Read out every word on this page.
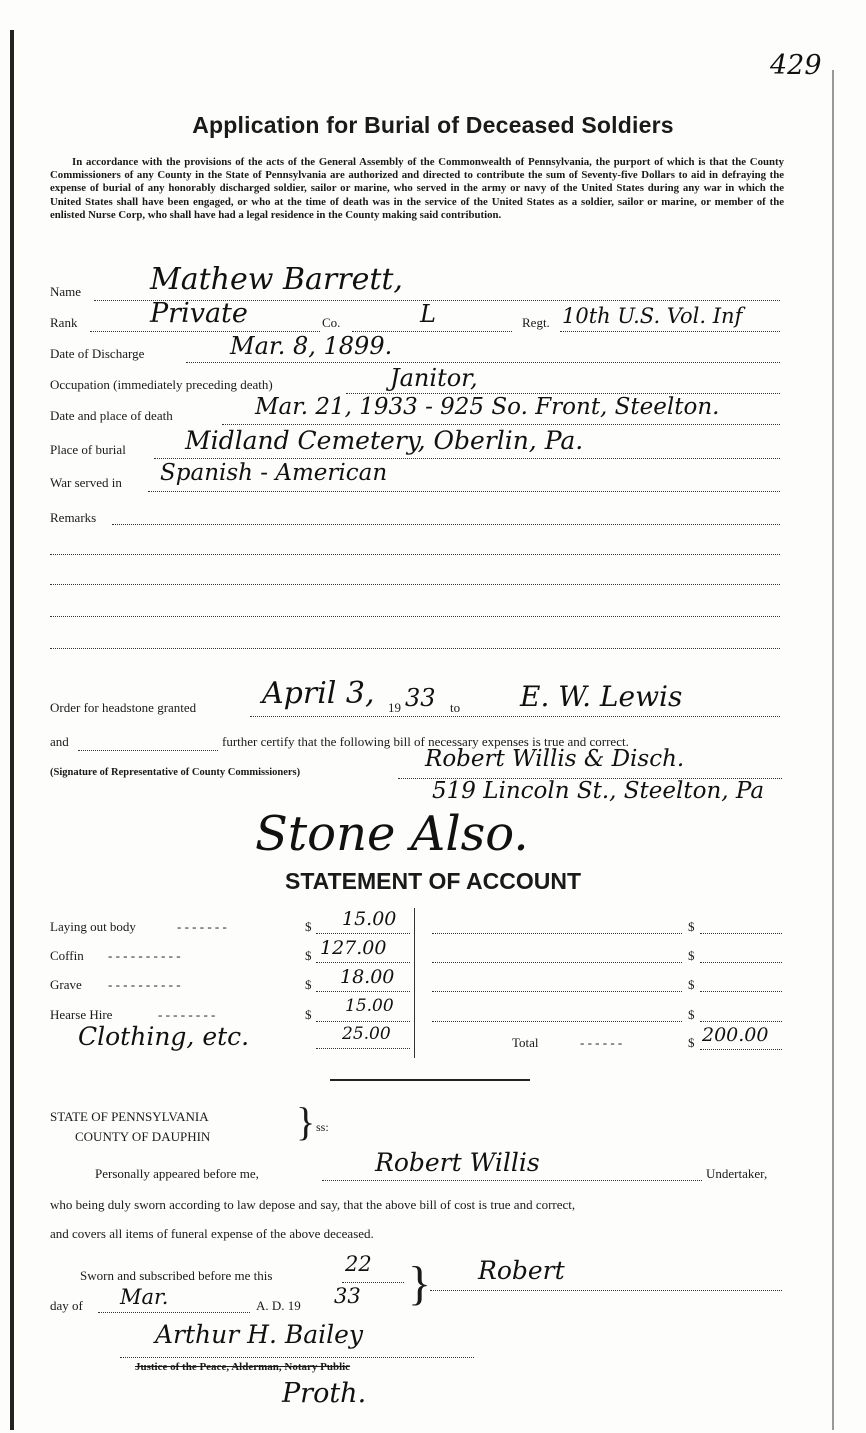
429
Application for Burial of Deceased Soldiers
In accordance with the provisions of the acts of the General Assembly of the Commonwealth of Pennsylvania, the purport of which is that the County Commissioners of any County in the State of Pennsylvania are authorized and directed to contribute the sum of Seventy-five Dollars to aid in defraying the expense of burial of any honorably discharged soldier, sailor or marine, who served in the army or navy of the United States during any war in which the United States shall have been engaged, or who at the time of death was in the service of the United States as a soldier, sailor or marine, or member of the enlisted Nurse Corp, who shall have had a legal residence in the County making said contribution.
Name Mathew Barrett,
Rank	Private	Co.	L	Regt. 10th U.S. Vol. Inf
Date of Discharge	Mar. 8, 1899.
Occupation (immediately preceding death)	Janitor,
Date and place of death	Mar. 21, 1933 - 925 So. Front, Steelton.
Place of burial Midland Cemetery, Oberlin, Pa.
War served in Spanish - American
Remarks
Order for headstone granted April 3, 19 33 to E. W. Lewis
and	further certify that the following bill of necessary expenses is true and correct.
(Signature of Representative of County Commissioners)
Robert Willis & Disch.
519 Lincoln St., Steelton, Pa
Stone Also.
STATEMENT OF ACCOUNT
Laying out body	- - - - - - -	$ 15.00
Coffin - - - - - - - - - -	$ 127.00
Grave - - - - - - - - - -	$ 18.00
Hearse Hire	- - - - - - - -	$ 15.00
Clothing, etc.	25.00
$
$
$
$
Total	- - - - - -	$ 200.00
STATE OF PENNSYLVANIA
COUNTY OF DAUPHIN } ss:
Personally appeared before me,	Robert Willis	Undertaker,
who being duly sworn according to law depose and say, that the above bill of cost is true and correct,
and covers all items of funeral expense of the above deceased.
Sworn and subscribed before me this	22 } Robert
day of Mar.	A. D. 19 33
Arthur H. Bailey
Justice of the Peace, Alderman, Notary Public
Proth.
